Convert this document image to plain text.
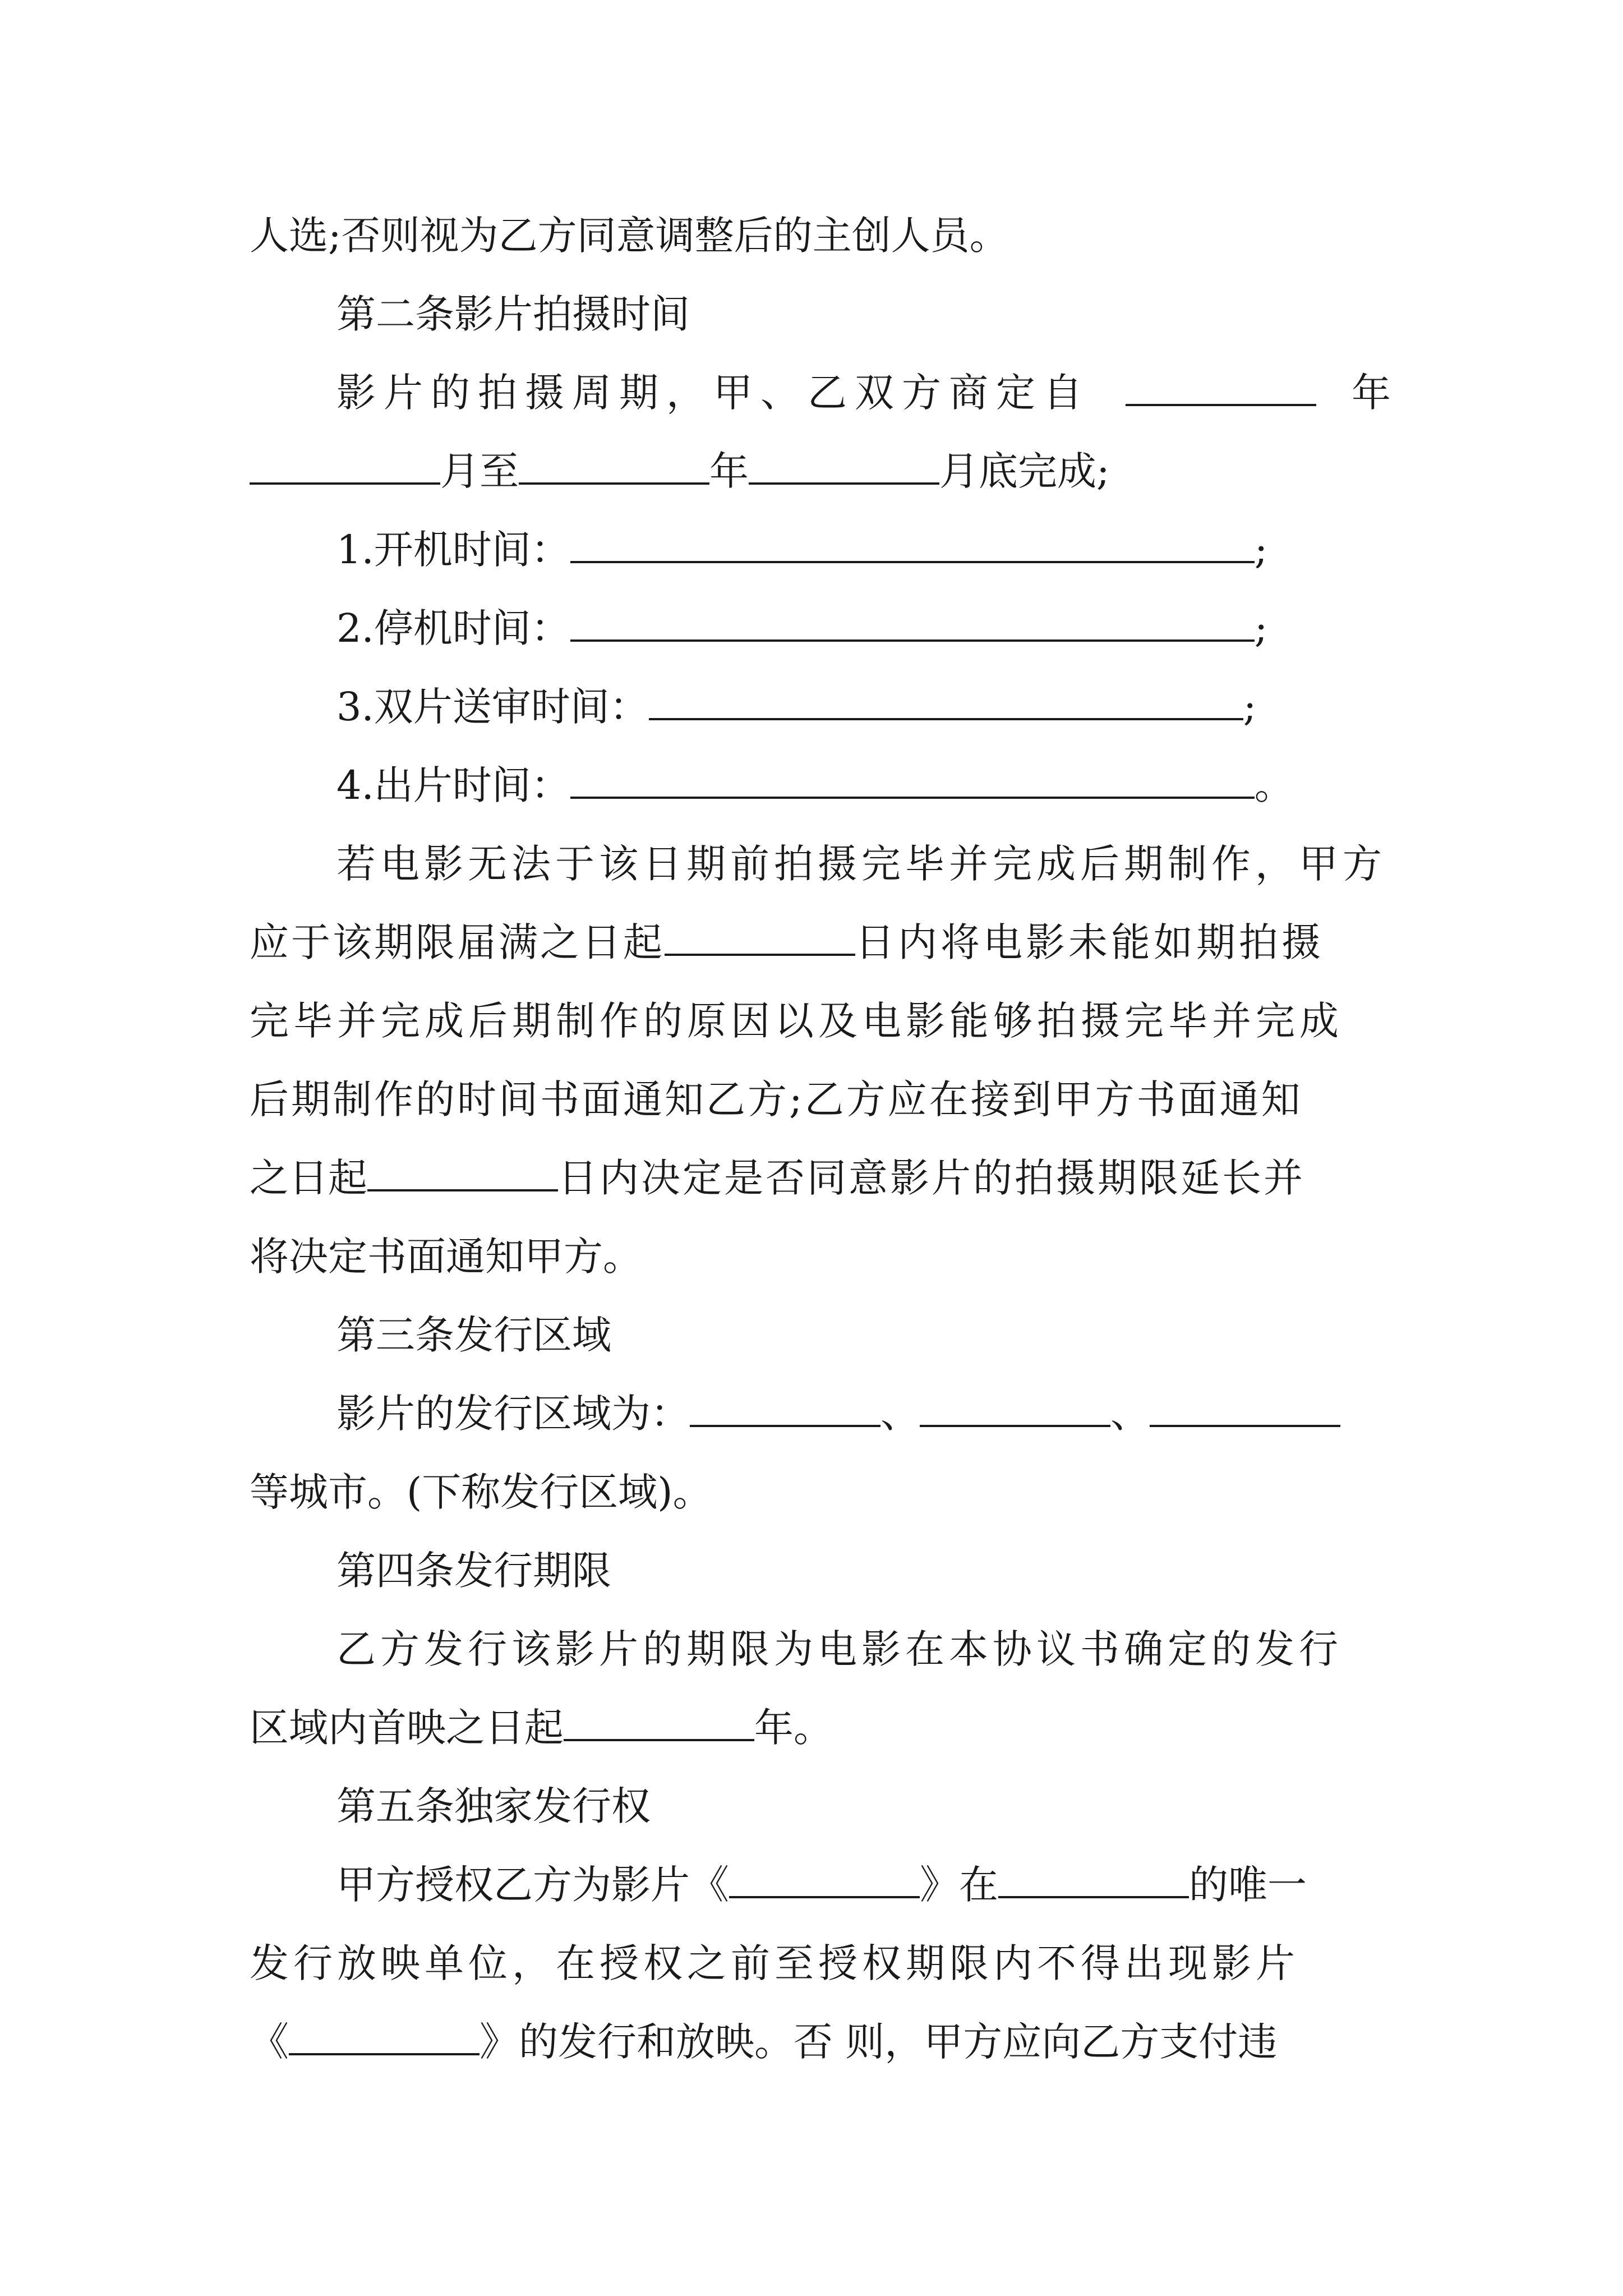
人选;否则视为乙方同意调整后的主创人员。
第二条影片拍摄时间
影片的拍摄周期，甲、乙双方商定自	年
月至	年	月底完成;
1.开机时间：	;
2.停机时间：	;
3.双片送审时间：	;
4.出片时间：	。
若电影无法于该日期前拍摄完毕并完成后期制作，甲方
应于该期限届满之日起	日内将电影未能如期拍摄
完毕并完成后期制作的原因以及电影能够拍摄完毕并完成
后期制作的时间书面通知乙方;乙方应在接到甲方书面通知
之日起	日内决定是否同意影片的拍摄期限延长并
将决定书面通知甲方。
第三条发行区域
影片的发行区域为：	、	、
等城市。(下称发行区域)。
第四条发行期限
乙方发行该影片的期限为电影在本协议书确定的发行
区域内首映之日起	年。
第五条独家发行权
甲方授权乙方为影片《	》在	的唯一
发行放映单位，在授权之前至授权期限内不得出现影片
《	》的发行和放映。否 则，甲方应向乙方支付违
